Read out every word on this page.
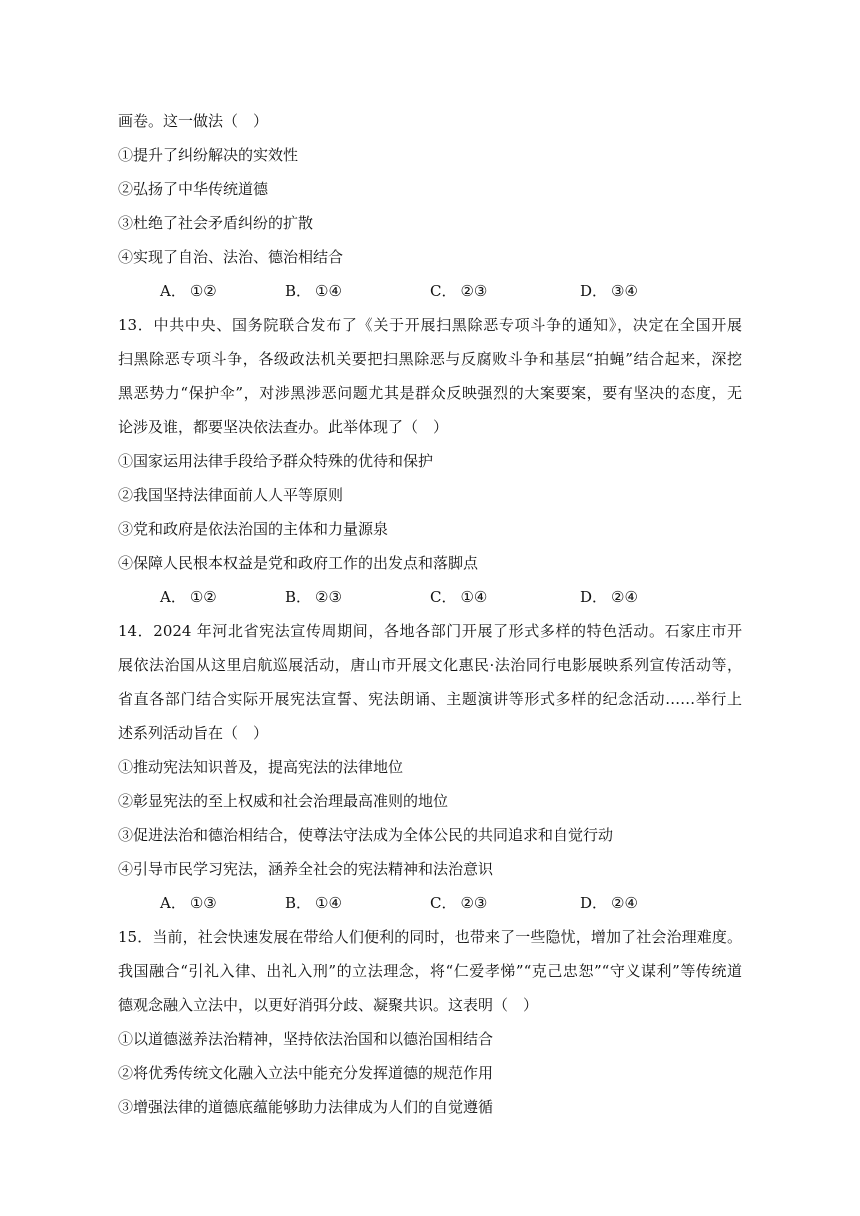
画卷。这一做法（　）
①提升了纠纷解决的实效性
②弘扬了中华传统道德
③杜绝了社会矛盾纠纷的扩散
④实现了自治、法治、德治相结合
A． ①②	B． ①④	C． ②③	D． ③④
13．中共中央、国务院联合发布了《关于开展扫黑除恶专项斗争的通知》，决定在全国开展
扫黑除恶专项斗争，各级政法机关要把扫黑除恶与反腐败斗争和基层“拍蝇”结合起来，深挖
黑恶势力“保护伞”，对涉黑涉恶问题尤其是群众反映强烈的大案要案，要有坚决的态度，无
论涉及谁，都要坚决依法查办。此举体现了（　）
①国家运用法律手段给予群众特殊的优待和保护
②我国坚持法律面前人人平等原则
③党和政府是依法治国的主体和力量源泉
④保障人民根本权益是党和政府工作的出发点和落脚点
A． ①②	B． ②③	C． ①④	D． ②④
14．2024 年河北省宪法宣传周期间，各地各部门开展了形式多样的特色活动。石家庄市开
展依法治国从这里启航巡展活动，唐山市开展文化惠民·法治同行电影展映系列宣传活动等，
省直各部门结合实际开展宪法宣誓、宪法朗诵、主题演讲等形式多样的纪念活动……举行上
述系列活动旨在（　）
①推动宪法知识普及，提高宪法的法律地位
②彰显宪法的至上权威和社会治理最高准则的地位
③促进法治和德治相结合，使尊法守法成为全体公民的共同追求和自觉行动
④引导市民学习宪法，涵养全社会的宪法精神和法治意识
A． ①③	B． ①④	C． ②③	D． ②④
15．当前，社会快速发展在带给人们便利的同时，也带来了一些隐忧，增加了社会治理难度。
我国融合“引礼入律、出礼入刑”的立法理念，将“仁爱孝悌”“克己忠恕”“守义谋利”等传统道
德观念融入立法中，以更好消弭分歧、凝聚共识。这表明（　）
①以道德滋养法治精神，坚持依法治国和以德治国相结合
②将优秀传统文化融入立法中能充分发挥道德的规范作用
③增强法律的道德底蕴能够助力法律成为人们的自觉遵循
